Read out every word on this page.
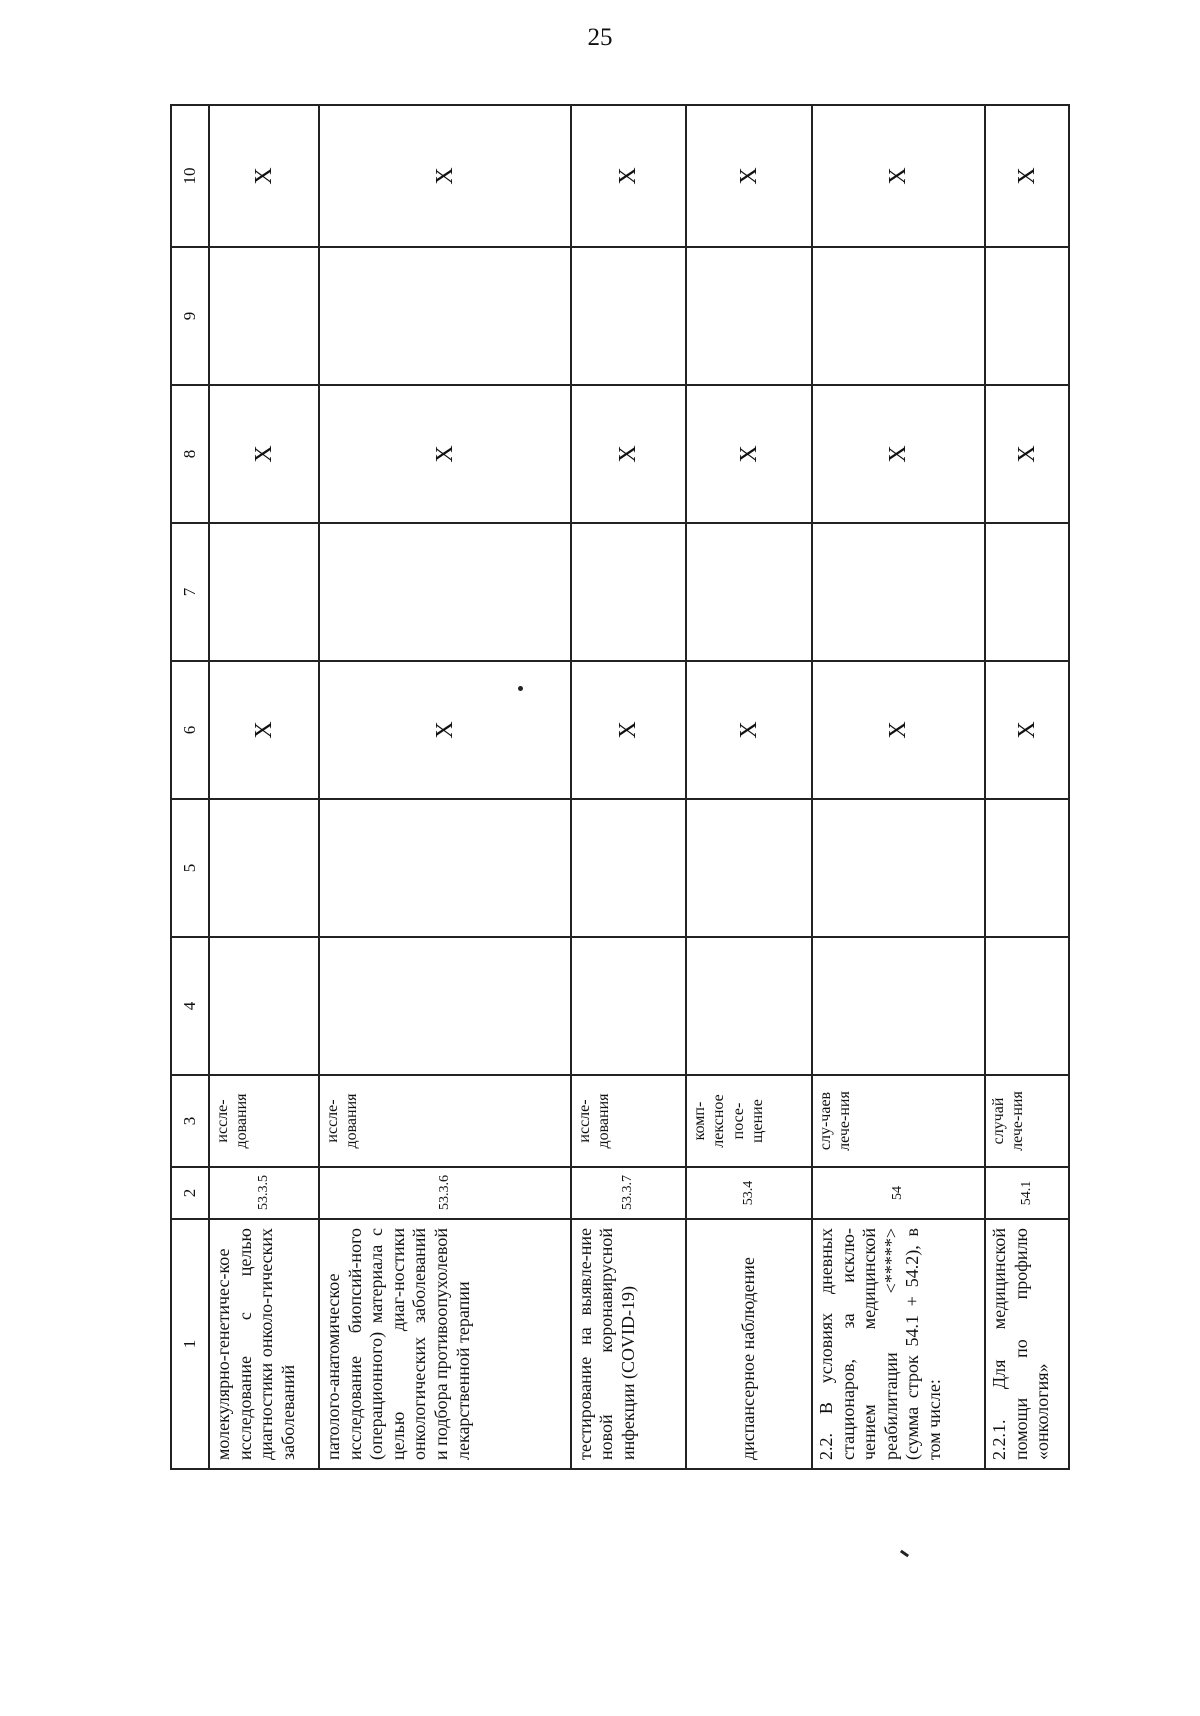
25
1	2	3	4	5	6	7	8	9	10
молекулярно-генетичес-кое исследование с целью диагностики онколо-гических заболеваний	53.3.5	иссле-дования			Х		Х		Х
патолого-анатомическое исследование биопсий-ного (операционного) материала с целью диаг-ностики онкологических заболеваний и подбора противоопухолевой лекарственной терапии	53.3.6	иссле-дования			Х		Х		Х
тестирование на выявле-ние новой коронавирусной инфекции (COVID-19)	53.3.7	иссле-дования			Х		Х		Х
диспансерное наблюдение	53.4	комп-лексное посе-щение			Х		Х		Х
2.2. В условиях дневных стационаров, за исклю-чением медицинской реабилитации <*****> (сумма строк 54.1 + 54.2), в том числе:	54	слу-чаев лече-ния			Х		Х		Х
2.2.1. Для медицинской помощи по профилю «онкология»	54.1	случай лече-ния			Х		Х		Х
